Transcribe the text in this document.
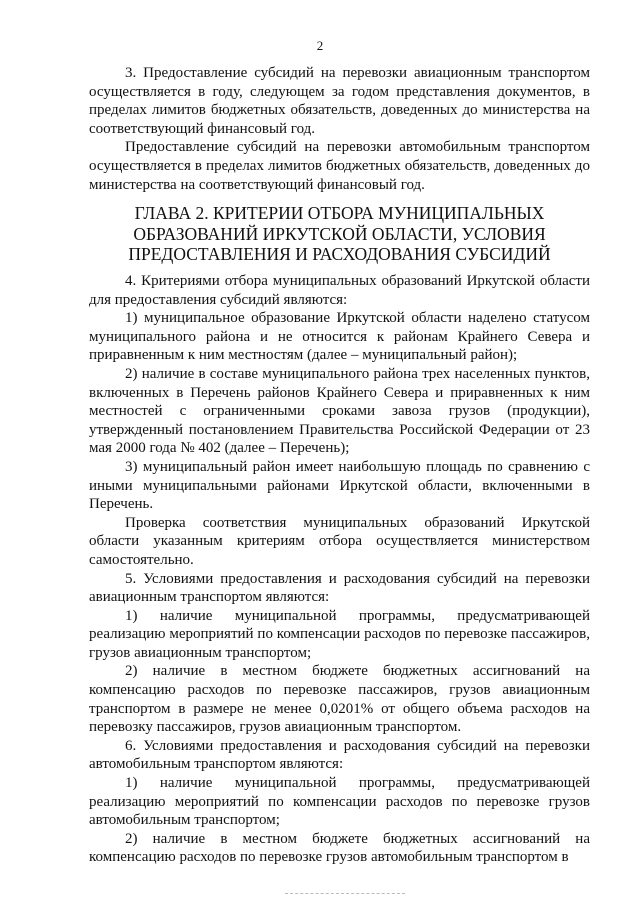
2

3. Предоставление субсидий на перевозки авиационным транспортом осуществляется в году, следующем за годом представления документов, в пределах лимитов бюджетных обязательств, доведенных до министерства на соответствующий финансовый год.

Предоставление субсидий на перевозки автомобильным транспортом осуществляется в пределах лимитов бюджетных обязательств, доведенных до министерства на соответствующий финансовый год.

ГЛАВА 2. КРИТЕРИИ ОТБОРА МУНИЦИПАЛЬНЫХ ОБРАЗОВАНИЙ ИРКУТСКОЙ ОБЛАСТИ, УСЛОВИЯ ПРЕДОСТАВЛЕНИЯ И РАСХОДОВАНИЯ СУБСИДИЙ

4. Критериями отбора муниципальных образований Иркутской области для предоставления субсидий являются:

1) муниципальное образование Иркутской области наделено статусом муниципального района и не относится к районам Крайнего Севера и приравненным к ним местностям (далее – муниципальный район);

2) наличие в составе муниципального района трех населенных пунктов, включенных в Перечень районов Крайнего Севера и приравненных к ним местностей с ограниченными сроками завоза грузов (продукции), утвержденный постановлением Правительства Российской Федерации от 23 мая 2000 года № 402 (далее – Перечень);

3) муниципальный район имеет наибольшую площадь по сравнению с иными муниципальными районами Иркутской области, включенными в Перечень.

Проверка соответствия муниципальных образований Иркутской области указанным критериям отбора осуществляется министерством самостоятельно.

5. Условиями предоставления и расходования субсидий на перевозки авиационным транспортом являются:

1) наличие муниципальной программы, предусматривающей реализацию мероприятий по компенсации расходов по перевозке пассажиров, грузов авиационным транспортом;

2) наличие в местном бюджете бюджетных ассигнований на компенсацию расходов по перевозке пассажиров, грузов авиационным транспортом в размере не менее 0,0201% от общего объема расходов на перевозку пассажиров, грузов авиационным транспортом.

6. Условиями предоставления и расходования субсидий на перевозки автомобильным транспортом являются:

1) наличие муниципальной программы, предусматривающей реализацию мероприятий по компенсации расходов по перевозке грузов автомобильным транспортом;

2) наличие в местном бюджете бюджетных ассигнований на компенсацию расходов по перевозке грузов автомобильным транспортом в
